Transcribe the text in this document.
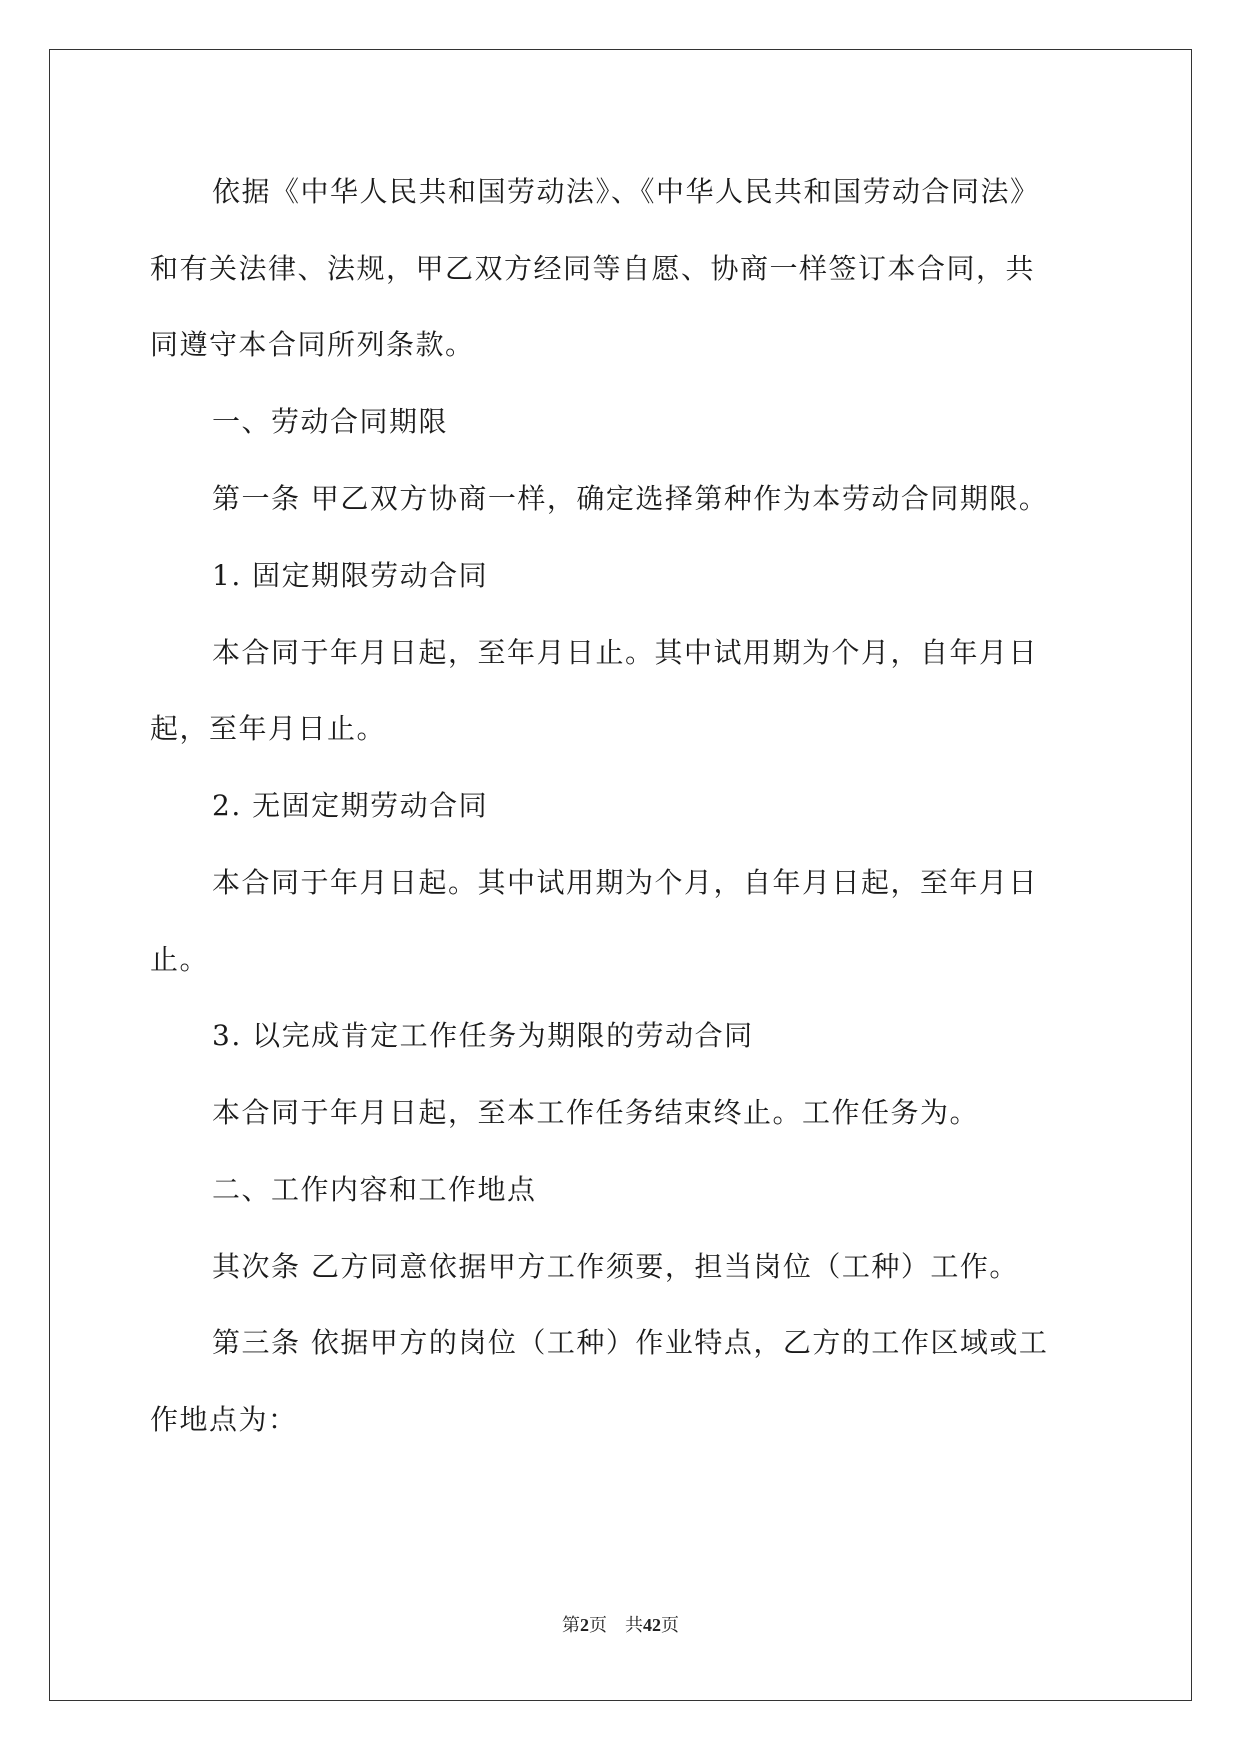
依据《中华人民共和国劳动法》、《中华人民共和国劳动合同法》
和有关法律、法规，甲乙双方经同等自愿、协商一样签订本合同，共
同遵守本合同所列条款。
一、劳动合同期限
第一条 甲乙双方协商一样，确定选择第种作为本劳动合同期限。
1. 固定期限劳动合同
本合同于年月日起，至年月日止。其中试用期为个月，自年月日
起，至年月日止。
2. 无固定期劳动合同
本合同于年月日起。其中试用期为个月，自年月日起，至年月日
止。
3. 以完成肯定工作任务为期限的劳动合同
本合同于年月日起，至本工作任务结束终止。工作任务为。
二、工作内容和工作地点
其次条 乙方同意依据甲方工作须要，担当岗位（工种）工作。
第三条 依据甲方的岗位（工种）作业特点，乙方的工作区域或工
作地点为：
第2页 共42页
